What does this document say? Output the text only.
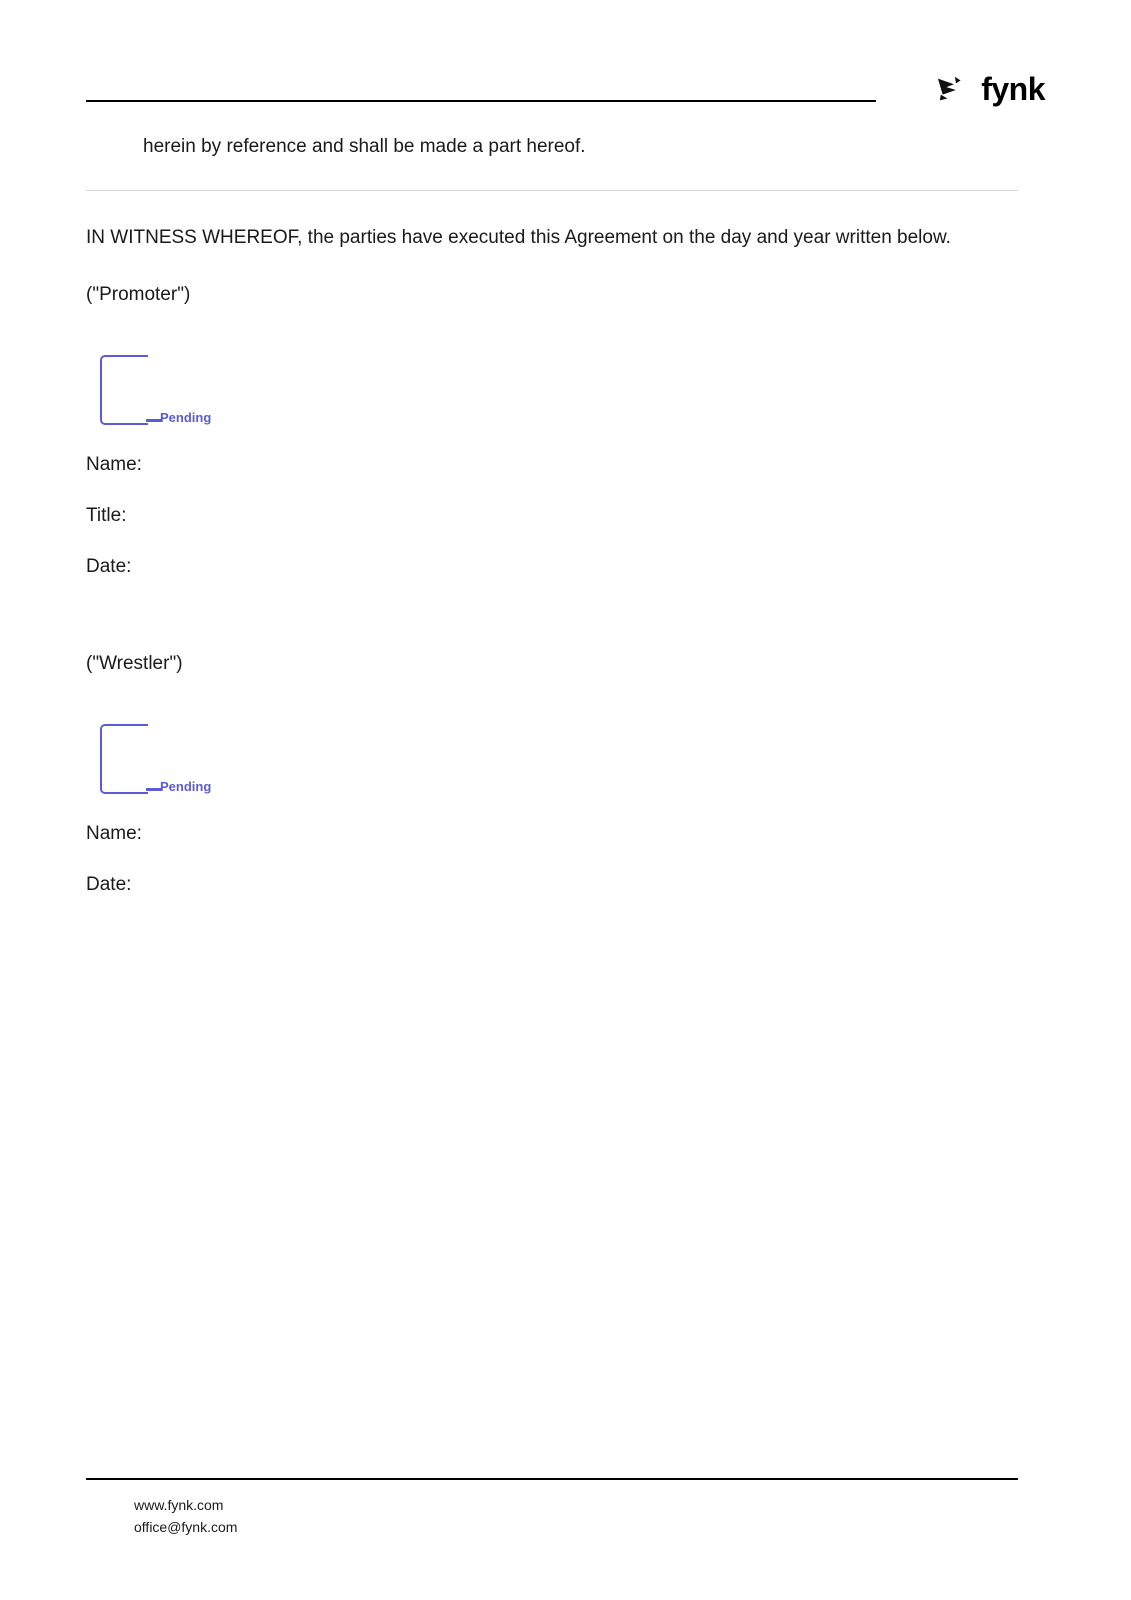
fynk
herein by reference and shall be made a part hereof.

IN WITNESS WHEREOF, the parties have executed this Agreement on the day and year written below.

("Promoter")

Pending

Name:

Title:

Date:

("Wrestler")

Pending

Name:

Date:

www.fynk.com
office@fynk.com
